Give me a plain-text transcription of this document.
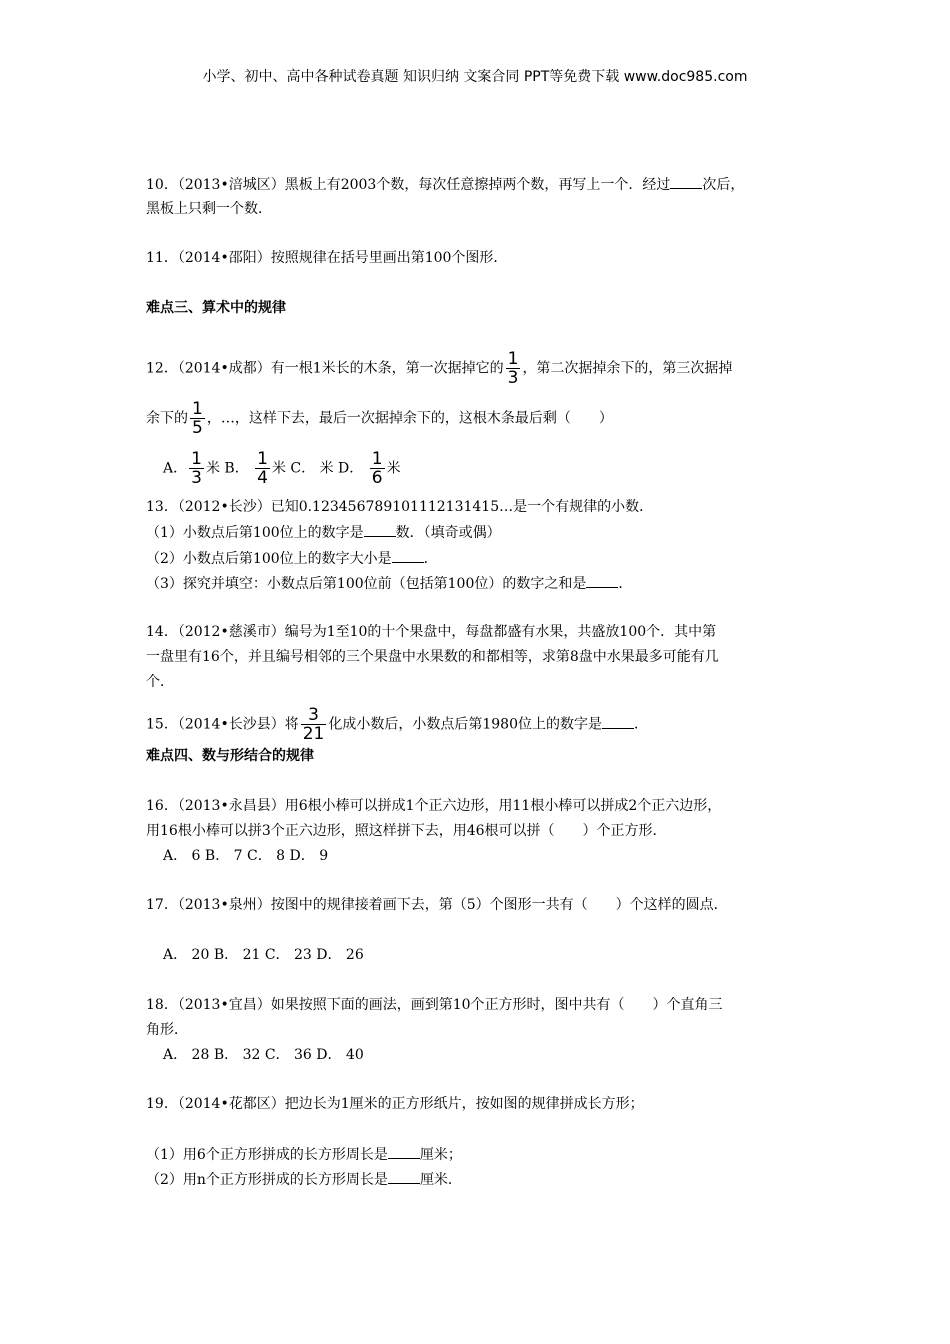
小学、初中、高中各种试卷真题 知识归纳 文案合同 PPT等免费下载 www.doc985.com
10．（2013•涪城区）黑板上有2003个数，每次任意擦掉两个数，再写上一个．经过 次后，
黑板上只剩一个数．
11．（2014•邵阳）按照规律在括号里画出第100个图形．
难点三、算术中的规律
12．（2014•成都）有一根1米长的木条，第一次据掉它的 $\frac{1}{3}$ ，第二次据掉余下的，第三次据掉
余下的 $\frac{1}{5}$ ，…，这样下去，最后一次据掉余下的，这根木条最后剩（　　）
A． $\frac{1}{3}$ 米 B． $\frac{1}{4}$ 米 C． 米 D． $\frac{1}{6}$ 米
13．（2012•长沙）已知0.123456789101112131415…是一个有规律的小数．
（1）小数点后第100位上的数字是 数．（填奇或偶）
（2）小数点后第100位上的数字大小是 ．
（3）探究并填空：小数点后第100位前（包括第100位）的数字之和是 ．
14．（2012•慈溪市）编号为1至10的十个果盘中，每盘都盛有水果，共盛放100个．其中第
一盘里有16个，并且编号相邻的三个果盘中水果数的和都相等，求第8盘中水果最多可能有几
个．
15．（2014•长沙县）将 $\frac{3}{21}$ 化成小数后，小数点后第1980位上的数字是 ．
难点四、数与形结合的规律
16．（2013•永昌县）用6根小棒可以拼成1个正六边形，用11根小棒可以拼成2个正六边形，
用16根小棒可以拼3个正六边形，照这样拼下去，用46根可以拼（　　）个正方形．
A． 6 B． 7 C． 8 D． 9
17．（2013•泉州）按图中的规律接着画下去，第（5）个图形一共有（　　）个这样的圆点．
A． 20 B． 21 C． 23 D． 26
18．（2013•宜昌）如果按照下面的画法，画到第10个正方形时，图中共有（　　）个直角三
角形．
A． 28 B． 32 C． 36 D． 40
19．（2014•花都区）把边长为1厘米的正方形纸片，按如图的规律拼成长方形；
（1）用6个正方形拼成的长方形周长是 厘米；
（2）用n个正方形拼成的长方形周长是 厘米．
